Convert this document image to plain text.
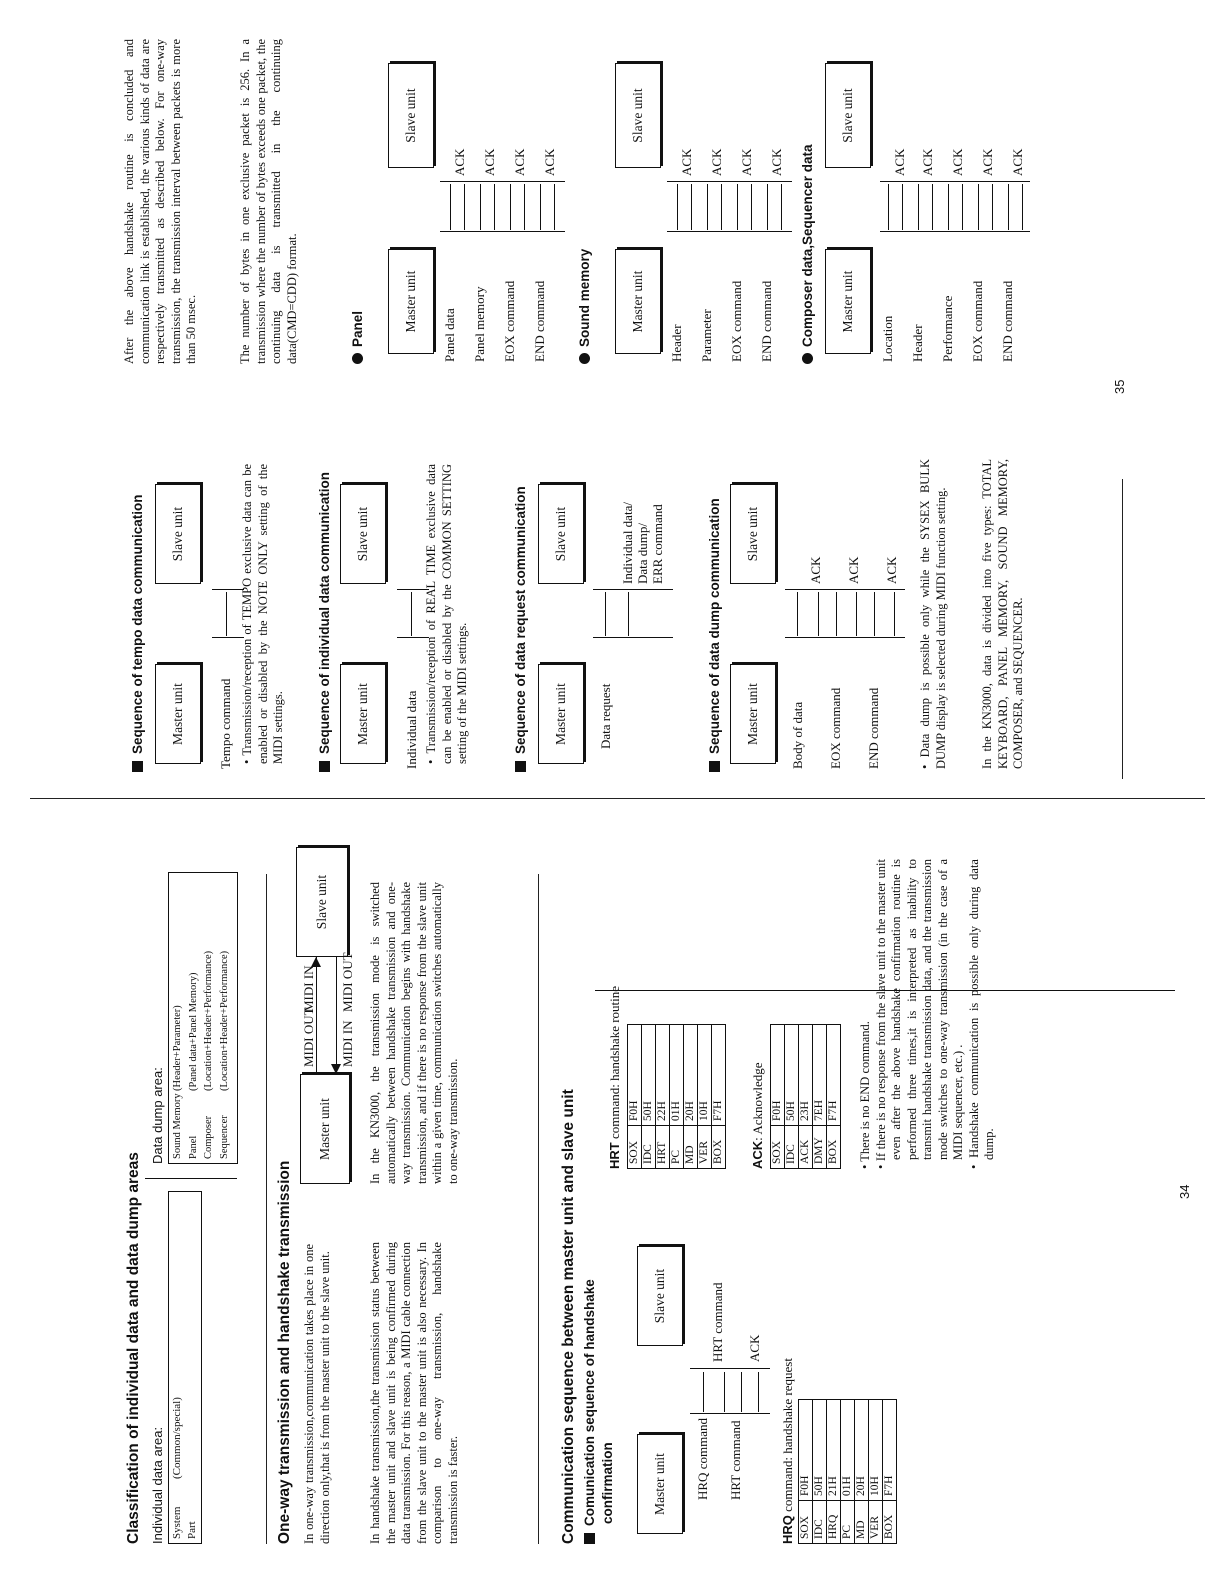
Classification of individual data and data dump areas Individual data area: System(Common/special)
Part
Data dump area: Sound Memory(Header+Parameter)
Panel(Panel data+Panel Memory)
Composer(Location+Header+Performance)
Sequencer(Location+Header+Performance)
One-way transmission and handshake transmission In one-way transmission,communication takes place in one direction only,that is from the master unit to the slave unit.	In handshake transmission,the transmission status between the master unit and slave unit is being confirmed during data transmission. For this reason, a MIDI cable connection from the slave unit to the master unit is also necessary. In comparison to one-way transmission, handshake transmission is faster.
Master unit
Slave unit
MIDI OUT
MIDI IN
MIDI IN
MIDI OUT In the KN3000, the transmission mode is switched automatically between handshake transmission and one-way transmission. Communication begins with handshake transmission, and if there is no response from the slave unit within a given time, communication switches automatically to one-way transmission.	Communication sequence between master unit and slave unit Comunication sequence of handshake confirmation	Master unit
Slave unit
HRQ command
HRT command
HRT command
ACK
HRQ command: handshake request
SOX	F0H
IDC	50H
HRQ	21H
PC	01H
MD	20H
VER	10H
BOX	F7H
HRT command: handshake routine
SOX	F0H
IDC	50H
HRT	22H
PC	01H
MD	20H
VER	10H
BOX	F7H
ACK: Acknowledge
SOX	F0H
IDC	50H
ACK	23H
DMY	7EH
BOX	F7H
• There is no END command.
• If there is no response from the slave unit to the master unit even after the above handshake confirmation routine is performed three times,it is interpreted as inability to transmit handshake transmission data, and the transmission mode switches to one-way transmission (in the case of a MIDI sequencer, etc.) .
• Handshake communication is possible only during data dump.
34
Sequence of tempo data communication	Master unit
Slave unit
Tempo command • Transmission/reception of TEMPO exclusive data can be enabled or disabled by the NOTE ONLY setting of the MIDI settings. Sequence of individual data communication	Master unit
Slave unit
Individual data • Transmission/reception of REAL TIME exclusive data can be enabled or disabled by the COMMON SETTING setting of the MIDI settings.	Sequence of data request communication	Master unit
Slave unit
Data request
Individual data/ Data dump/ ERR command	Sequence of data dump communication	Master unit
Slave unit
Body of data
ACK
EOX command
ACK
END command
ACK
• Data dump is possible only while the SYSEX BULK DUMP display is selected during MIDI function setting.	In the KN3000, data is divided into five types: TOTAL KEYBOARD, PANEL MEMORY, SOUND MEMORY, COMPOSER, and SEQUENCER.
35
After the above handshake routine is concluded and communication link is established, the various kinds of data are respectively transmitted as described below. For one-way transmission, the transmission interval between packets is more than 50 msec.	The number of bytes in one exclusive packet is 256. In a transmission where the number of bytes exceeds one packet, the continuing data is transmitted in the continuing data(CMD=CDD) format.	Panel	Master unit
Slave unit
Panel data
ACK
Panel memory
ACK
EOX command
ACK
END command
ACK
Sound memory	Master unit
Slave unit
Header
ACK
Parameter
ACK
EOX command
ACK
END command
ACK Composer data,Sequencer data	Master unit
Slave unit
Location
ACK
Header
ACK
Performance
ACK
EOX command
ACK
END command
ACK
